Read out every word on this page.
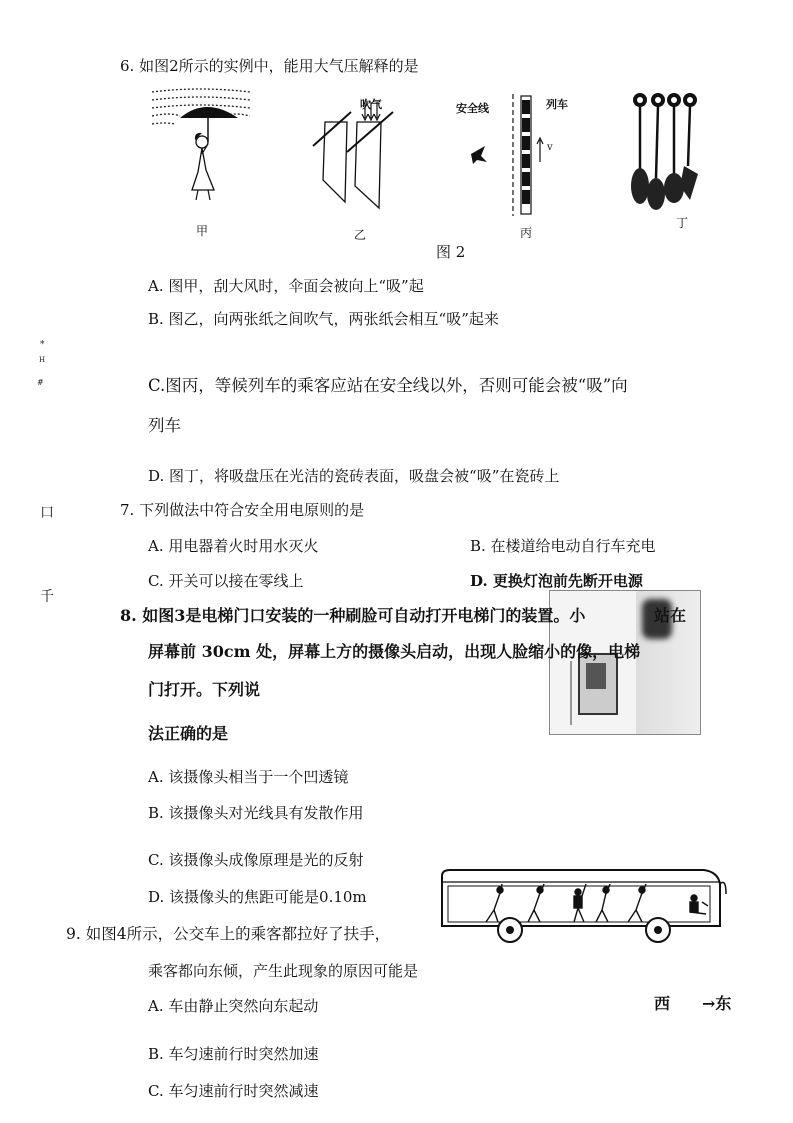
*
H
#
口
千
6. 如图2所示的实例中，能用大气压解释的是
甲
吹气
乙
安全线	列车
v
丙
丁
图 2
A. 图甲，刮大风时，伞面会被向上“吸”起
B. 图乙，向两张纸之间吹气，两张纸会相互“吸”起来
C.图丙，等候列车的乘客应站在安全线以外，否则可能会被“吸”向
列车
D. 图丁，将吸盘压在光洁的瓷砖表面，吸盘会被“吸”在瓷砖上
7. 下列做法中符合安全用电原则的是
A. 用电器着火时用水灭火	B. 在楼道给电动自行车充电
C. 开关可以接在零线上	D. 更换灯泡前先断开电源
8. 如图3是电梯门口安装的一种刷脸可自动打开电梯门的装置。小	站在
屏幕前 30cm 处，屏幕上方的摄像头启动，出现人脸缩小的像，电梯
门打开。下列说
法正确的是
A. 该摄像头相当于一个凹透镜
B. 该摄像头对光线具有发散作用
C. 该摄像头成像原理是光的反射
D. 该摄像头的焦距可能是0.10m
9. 如图4所示，公交车上的乘客都拉好了扶手，
乘客都向东倾，产生此现象的原因可能是
西 →东
A. 车由静止突然向东起动
B. 车匀速前行时突然加速
C. 车匀速前行时突然减速
